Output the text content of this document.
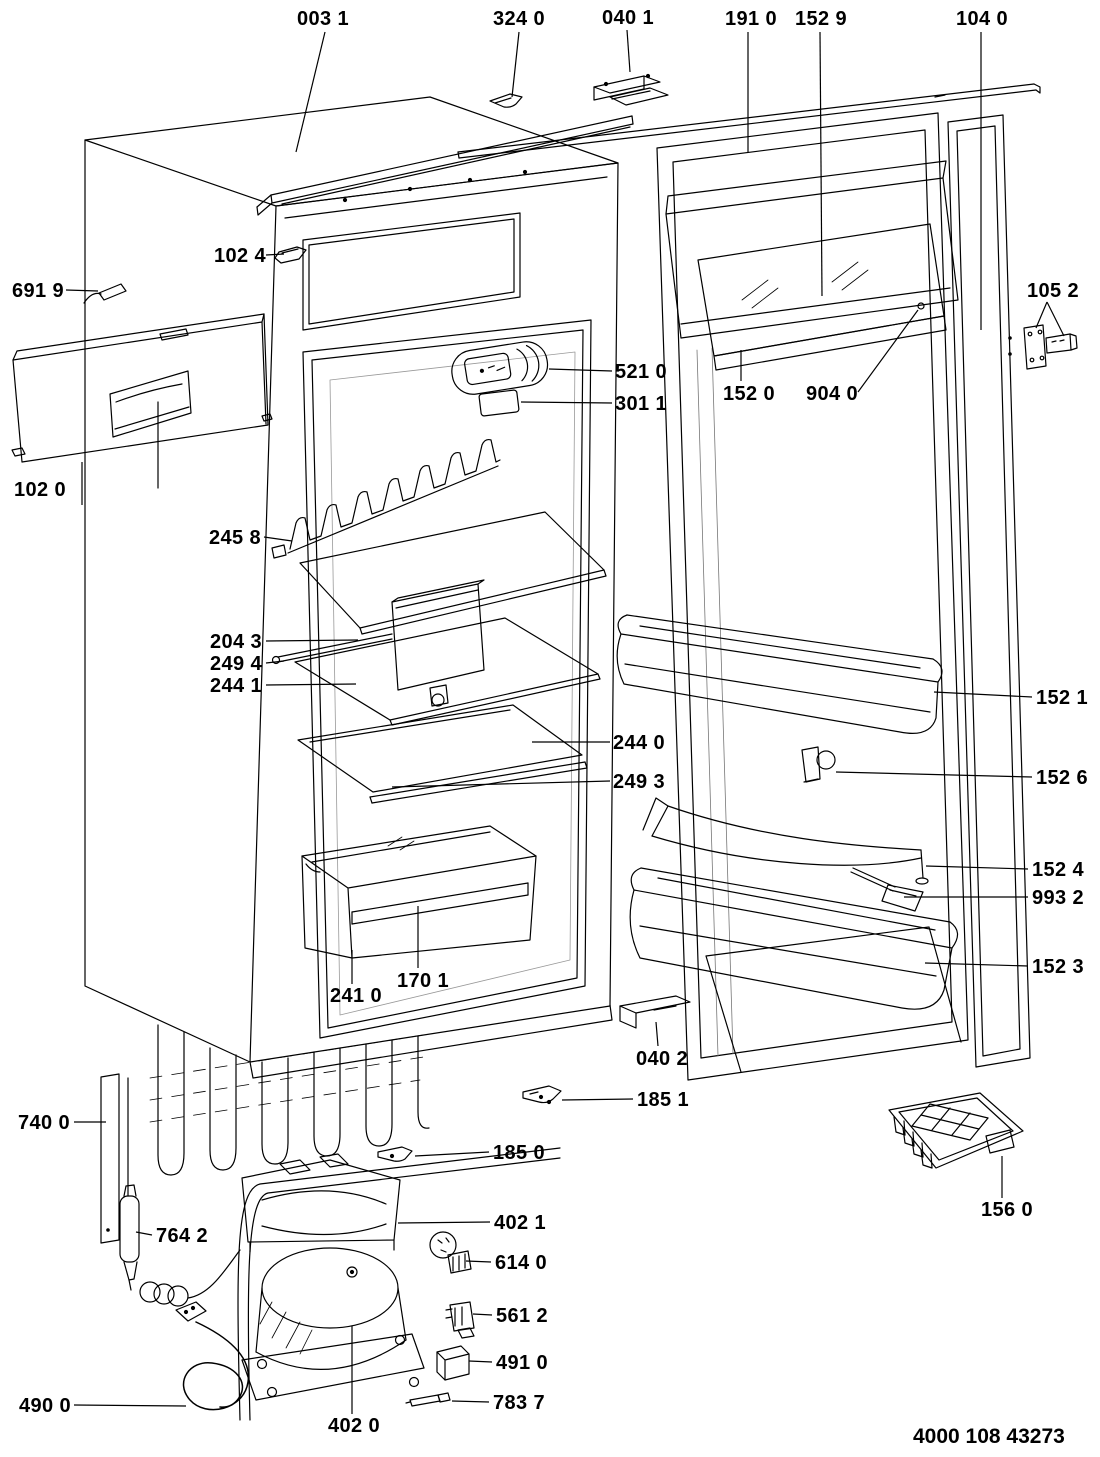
003 1	324 0	040 1	191 0 152 9	104 0
691 9
102 4
521 0
301 1	152 0 904 0
105 2
102 0
245 8
204 3
249 4
244 1
244 0
249 3
152 1
152 6
152 4
993 2
152 3
241 0
170 1
040 2
185 1
185 0
740 0
764 2
402 1
614 0
561 2
491 0
783 7
490 0
402 0
156 0
4000 108 43273
